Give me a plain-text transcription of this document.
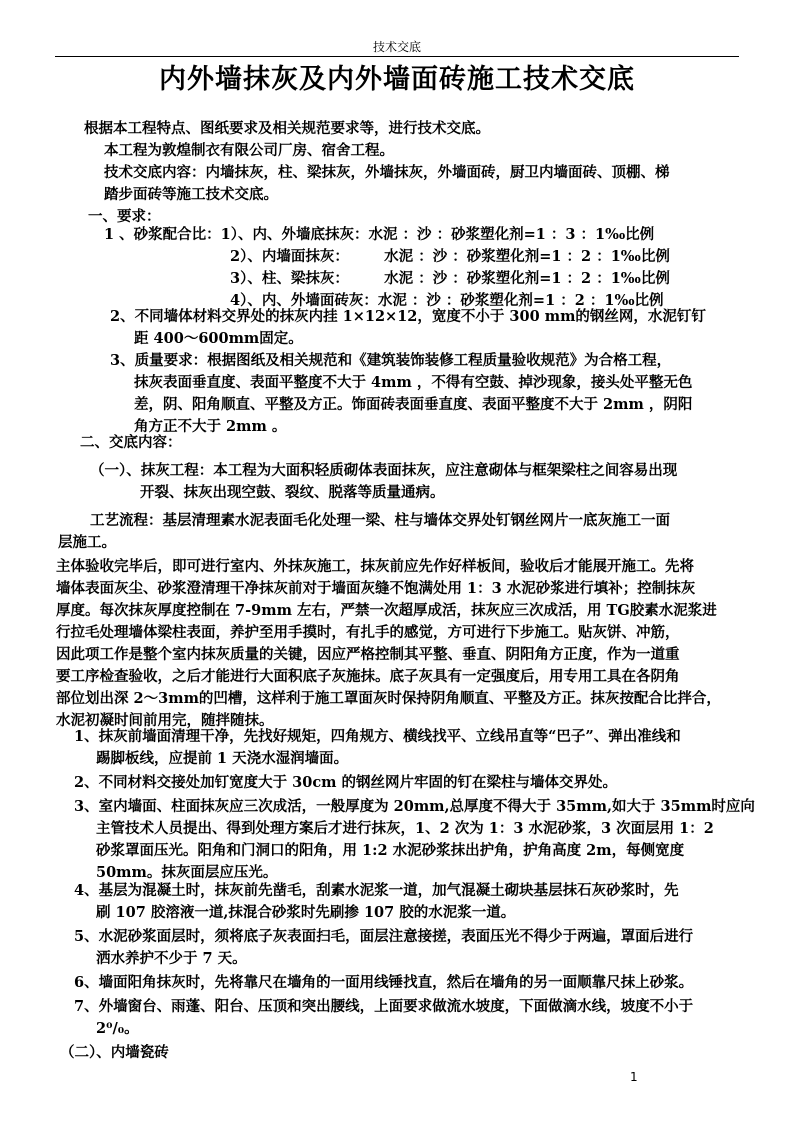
技术交底
内外墙抹灰及内外墙面砖施工技术交底
根据本工程特点、图纸要求及相关规范要求等，进行技术交底。
本工程为敦煌制衣有限公司厂房、宿舍工程。
技术交底内容：内墙抹灰，柱、梁抹灰，外墙抹灰，外墙面砖，厨卫内墙面砖、顶棚、梯
踏步面砖等施工技术交底。
一、要求：
1 、砂浆配合比：1）、内、外墙底抹灰：水泥 ：沙 ：砂浆塑化剂=1 ：3 ：1‰比例
2）、内墙面抹灰：       水泥 ：沙 ：砂浆塑化剂=1 ：2 ：1‰比例
3）、柱、梁抹灰：       水泥 ：沙 ：砂浆塑化剂=1 ：2 ：1‰比例
4）、内、外墙面砖灰：水泥 ：沙 ：砂浆塑化剂=1 ：2 ：1‰比例
2、不同墙体材料交界处的抹灰内挂 1×12×12，宽度不小于 300 mm的钢丝网，水泥钉钉
距 400～600mm固定。
3、质量要求：根据图纸及相关规范和《建筑装饰装修工程质量验收规范》为合格工程，
抹灰表面垂直度、表面平整度不大于 4mm ，不得有空鼓、掉沙现象，接头处平整无色
差，阴、阳角顺直、平整及方正。饰面砖表面垂直度、表面平整度不大于 2mm ，阴阳
角方正不大于 2mm 。
二、交底内容：
（一）、抹灰工程：本工程为大面积轻质砌体表面抹灰，应注意砌体与框架梁柱之间容易出现
开裂、抹灰出现空鼓、裂纹、脱落等质量通病。
工艺流程：基层清理素水泥表面毛化处理一梁、柱与墙体交界处钉钢丝网片一底灰施工一面
层施工。
主体验收完毕后，即可进行室内、外抹灰施工，抹灰前应先作好样板间，验收后才能展开施工。先将
墙体表面灰尘、砂浆澄清理干净抹灰前对于墙面灰缝不饱满处用 1：3 水泥砂浆进行填补；控制抹灰
厚度。每次抹灰厚度控制在 7-9mm 左右，严禁一次超厚成活，抹灰应三次成活，用 TG胶素水泥浆进
行拉毛处理墙体梁柱表面，养护至用手摸时，有扎手的感觉，方可进行下步施工。贴灰饼、冲筋，
因此项工作是整个室内抹灰质量的关键，因应严格控制其平整、垂直、阴阳角方正度，作为一道重
要工序检查验收，之后才能进行大面积底子灰施抹。底子灰具有一定强度后，用专用工具在各阴角
部位划出深 2～3mm的凹槽，这样利于施工罩面灰时保持阴角顺直、平整及方正。抹灰按配合比拌合，
水泥初凝时间前用完，随拌随抹。
1、抹灰前墙面清理干净，先找好规矩，四角规方、横线找平、立线吊直等“巴子”、弹出准线和
踢脚板线，应提前 1 天浇水湿润墙面。
2、不同材料交接处加钉宽度大于 30cm 的钢丝网片牢固的钉在梁柱与墙体交界处。
3、室内墙面、柱面抹灰应三次成活，一般厚度为 20mm,总厚度不得大于 35mm,如大于 35mm时应向
主管技术人员提出、得到处理方案后才进行抹灰，1、2 次为 1：3 水泥砂浆，3 次面层用 1：2
砂浆罩面压光。阳角和门洞口的阳角，用 1:2 水泥砂浆抹出护角，护角高度 2m，每侧宽度
50mm。抹灰面层应压光。
4、基层为混凝土时，抹灰前先凿毛，刮素水泥浆一道，加气混凝土砌块基层抹石灰砂浆时，先
刷 107 胶溶液一道,抹混合砂浆时先刷掺 107 胶的水泥浆一道。
5、水泥砂浆面层时，须将底子灰表面扫毛，面层注意接搓，表面压光不得少于两遍，罩面后进行
洒水养护不少于 7 天。
6、墙面阳角抹灰时，先将靠尺在墙角的一面用线锤找直，然后在墙角的另一面顺靠尺抹上砂浆。
7、外墙窗台、雨蓬、阳台、压顶和突出腰线，上面要求做流水坡度，下面做滴水线，坡度不小于
2⁰/₀。
（二）、内墙瓷砖
1
